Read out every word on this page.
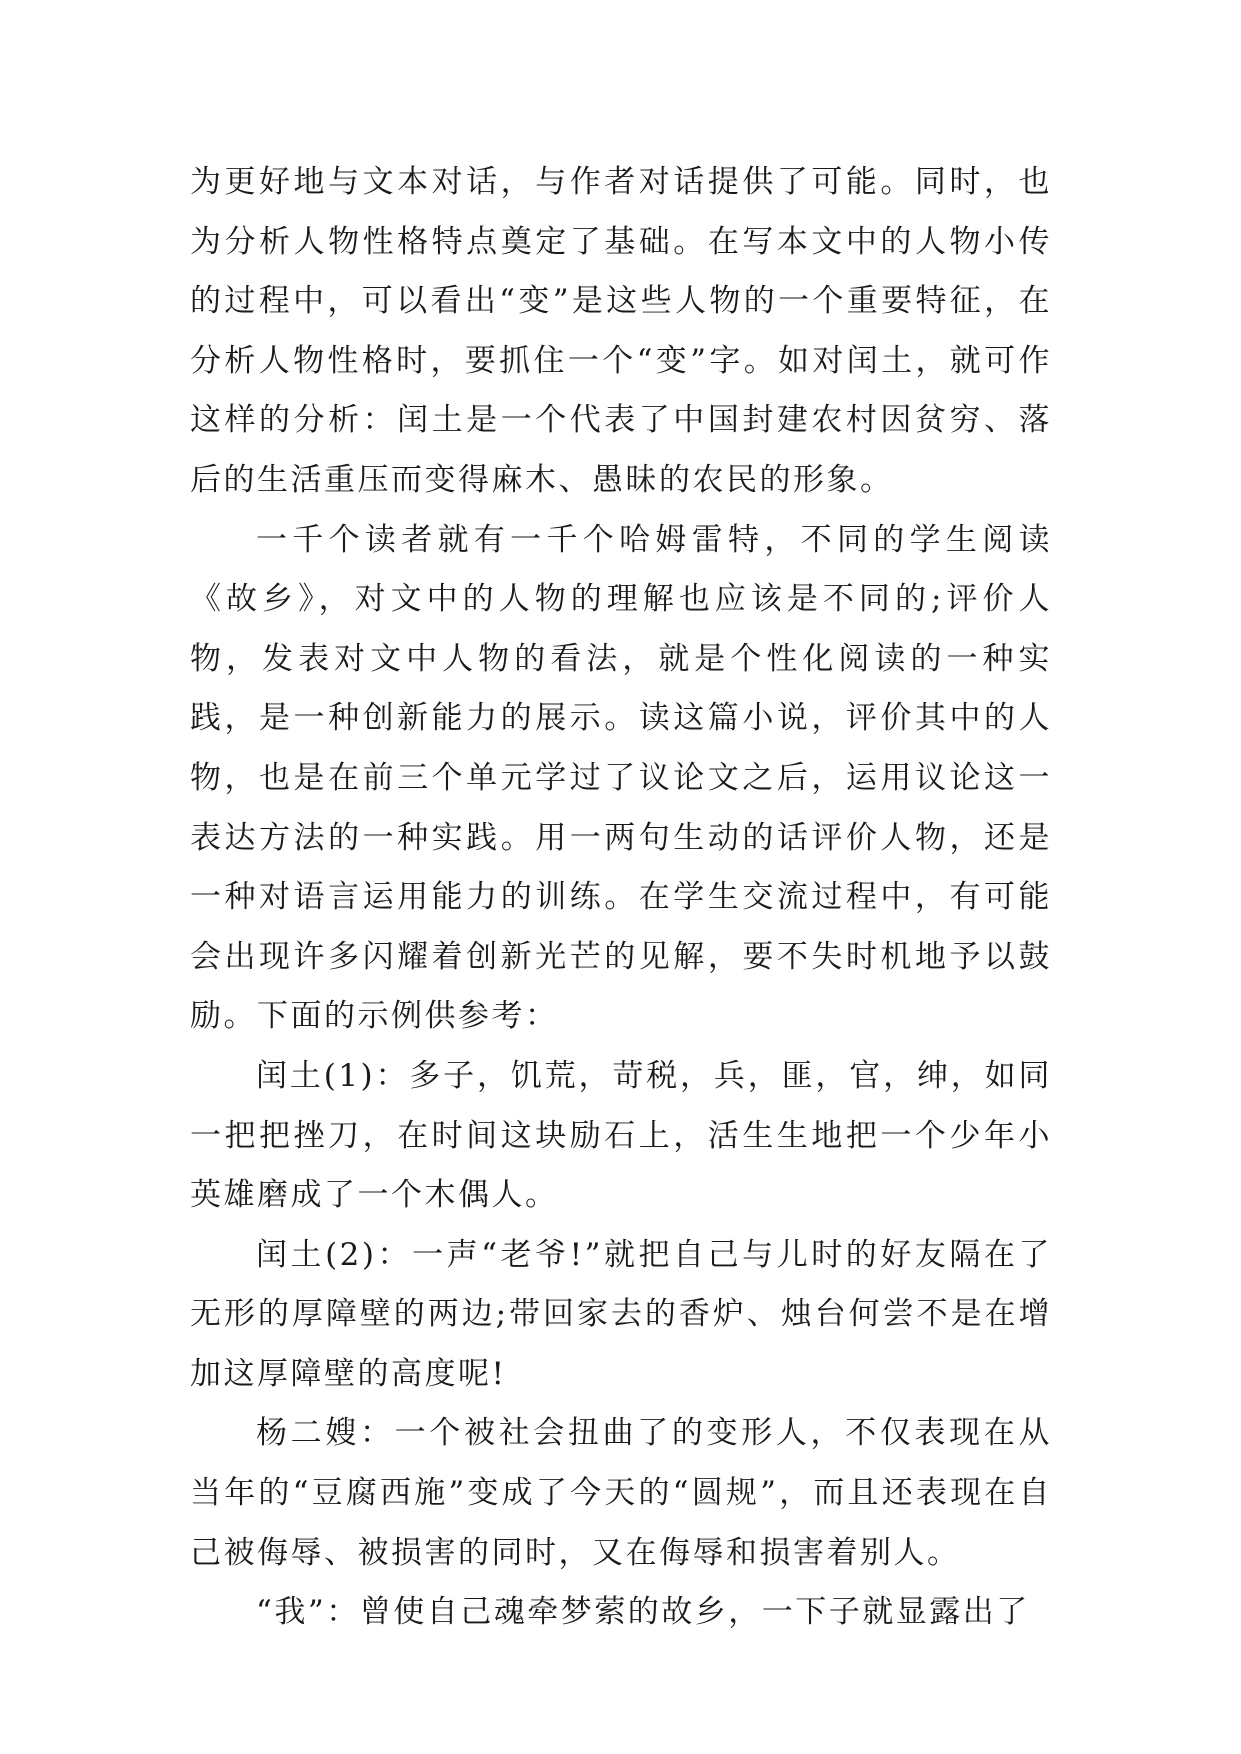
为更好地与文本对话，与作者对话提供了可能。同时，也为分析人物性格特点奠定了基础。在写本文中的人物小传的过程中，可以看出“变”是这些人物的一个重要特征，在分析人物性格时，要抓住一个“变”字。如对闰土，就可作这样的分析：闰土是一个代表了中国封建农村因贫穷、落后的生活重压而变得麻木、愚昧的农民的形象。

一千个读者就有一千个哈姆雷特，不同的学生阅读《故乡》，对文中的人物的理解也应该是不同的;评价人物，发表对文中人物的看法，就是个性化阅读的一种实践，是一种创新能力的展示。读这篇小说，评价其中的人物，也是在前三个单元学过了议论文之后，运用议论这一表达方法的一种实践。用一两句生动的话评价人物，还是一种对语言运用能力的训练。在学生交流过程中，有可能会出现许多闪耀着创新光芒的见解，要不失时机地予以鼓励。下面的示例供参考：

闰土(1)：多子，饥荒，苛税，兵，匪，官，绅，如同一把把挫刀，在时间这块励石上，活生生地把一个少年小英雄磨成了一个木偶人。

闰土(2)：一声“老爷!”就把自己与儿时的好友隔在了无形的厚障壁的两边;带回家去的香炉、烛台何尝不是在增加这厚障壁的高度呢!

杨二嫂：一个被社会扭曲了的变形人，不仅表现在从当年的“豆腐西施”变成了今天的“圆规”，而且还表现在自己被侮辱、被损害的同时，又在侮辱和损害着别人。

“我”：曾使自己魂牵梦萦的故乡，一下子就显露出了
